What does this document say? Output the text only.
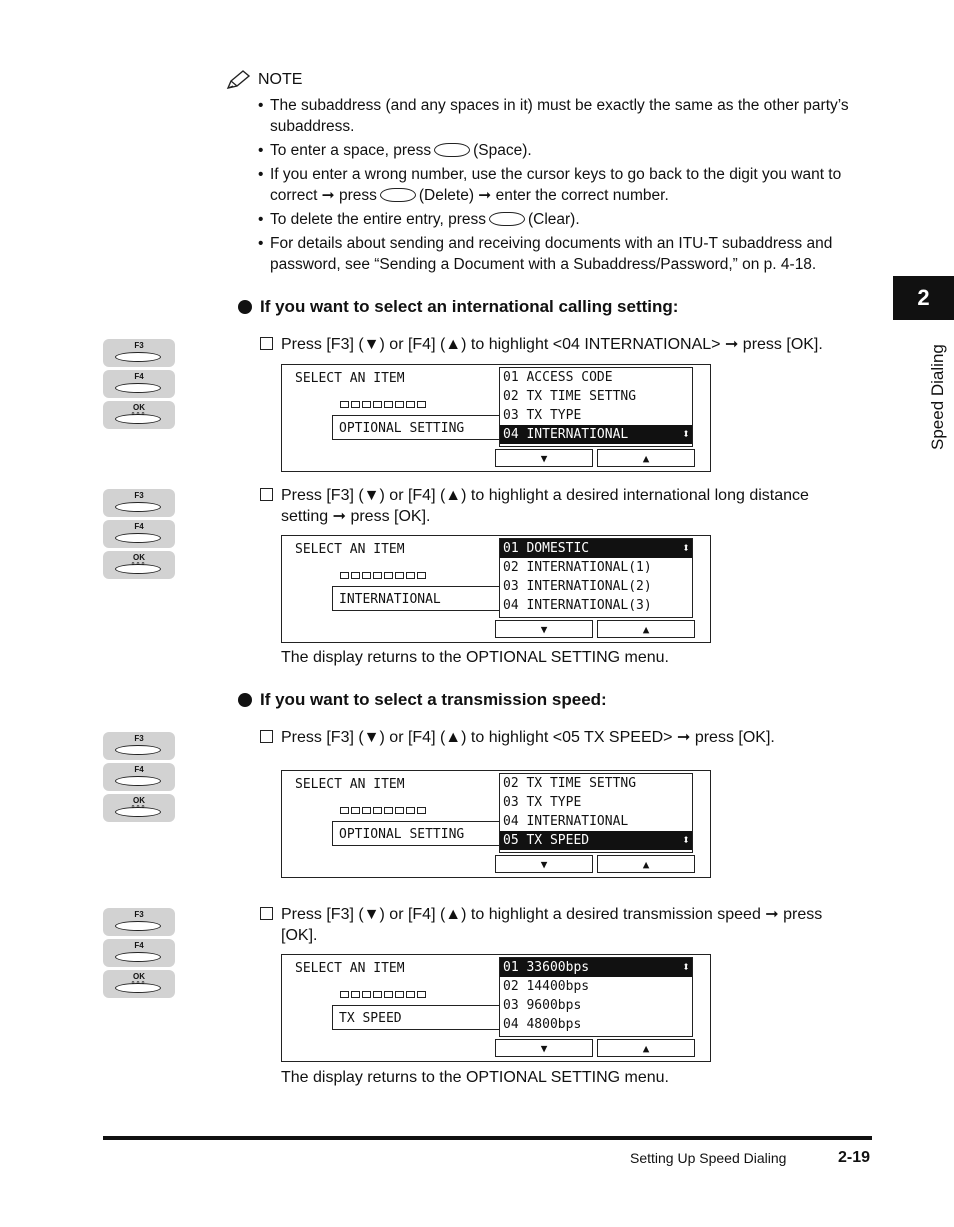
NOTE
• The subaddress (and any spaces in it) must be exactly the same as the other party’s subaddress.
• To enter a space, press	(Space).
• If you enter a wrong number, use the cursor keys to go back to the digit you want to correct ➞ press	(Delete) ➞ enter the correct number.
• To delete the entire entry, press	(Clear).
• For details about sending and receiving documents with an ITU-T subaddress and password, see “Sending a Document with a Subaddress/Password,” on p. 4-18.
2
Speed Dialing
If you want to select an international calling setting:
F3
F4
OK
∘∘∘
Press [F3] (▼) or [F4] (▲) to highlight <04 INTERNATIONAL> ➞ press [OK].
SELECT AN ITEM
OPTIONAL SETTING
01 ACCESS CODE
02 TX TIME SETTNG
03 TX TYPE
04 INTERNATIONAL ⬍
▼	▲
F3
F4
OK
∘∘∘
Press [F3] (▼) or [F4] (▲) to highlight a desired international long distance setting ➞ press [OK].
SELECT AN ITEM
INTERNATIONAL
01 DOMESTIC ⬍
02 INTERNATIONAL(1)
03 INTERNATIONAL(2)
04 INTERNATIONAL(3)
▼	▲
The display returns to the OPTIONAL SETTING menu.
If you want to select a transmission speed:
F3
F4
OK
∘∘∘
Press [F3] (▼) or [F4] (▲) to highlight <05 TX SPEED> ➞ press [OK].
SELECT AN ITEM
OPTIONAL SETTING
02 TX TIME SETTNG
03 TX TYPE
04 INTERNATIONAL
05 TX SPEED ⬍
▼	▲
F3
F4
OK
∘∘∘
Press [F3] (▼) or [F4] (▲) to highlight a desired transmission speed ➞ press [OK].
SELECT AN ITEM
TX SPEED
01 33600bps ⬍
02 14400bps
03 9600bps
04 4800bps
▼	▲
The display returns to the OPTIONAL SETTING menu.
Setting Up Speed Dialing	2-19
